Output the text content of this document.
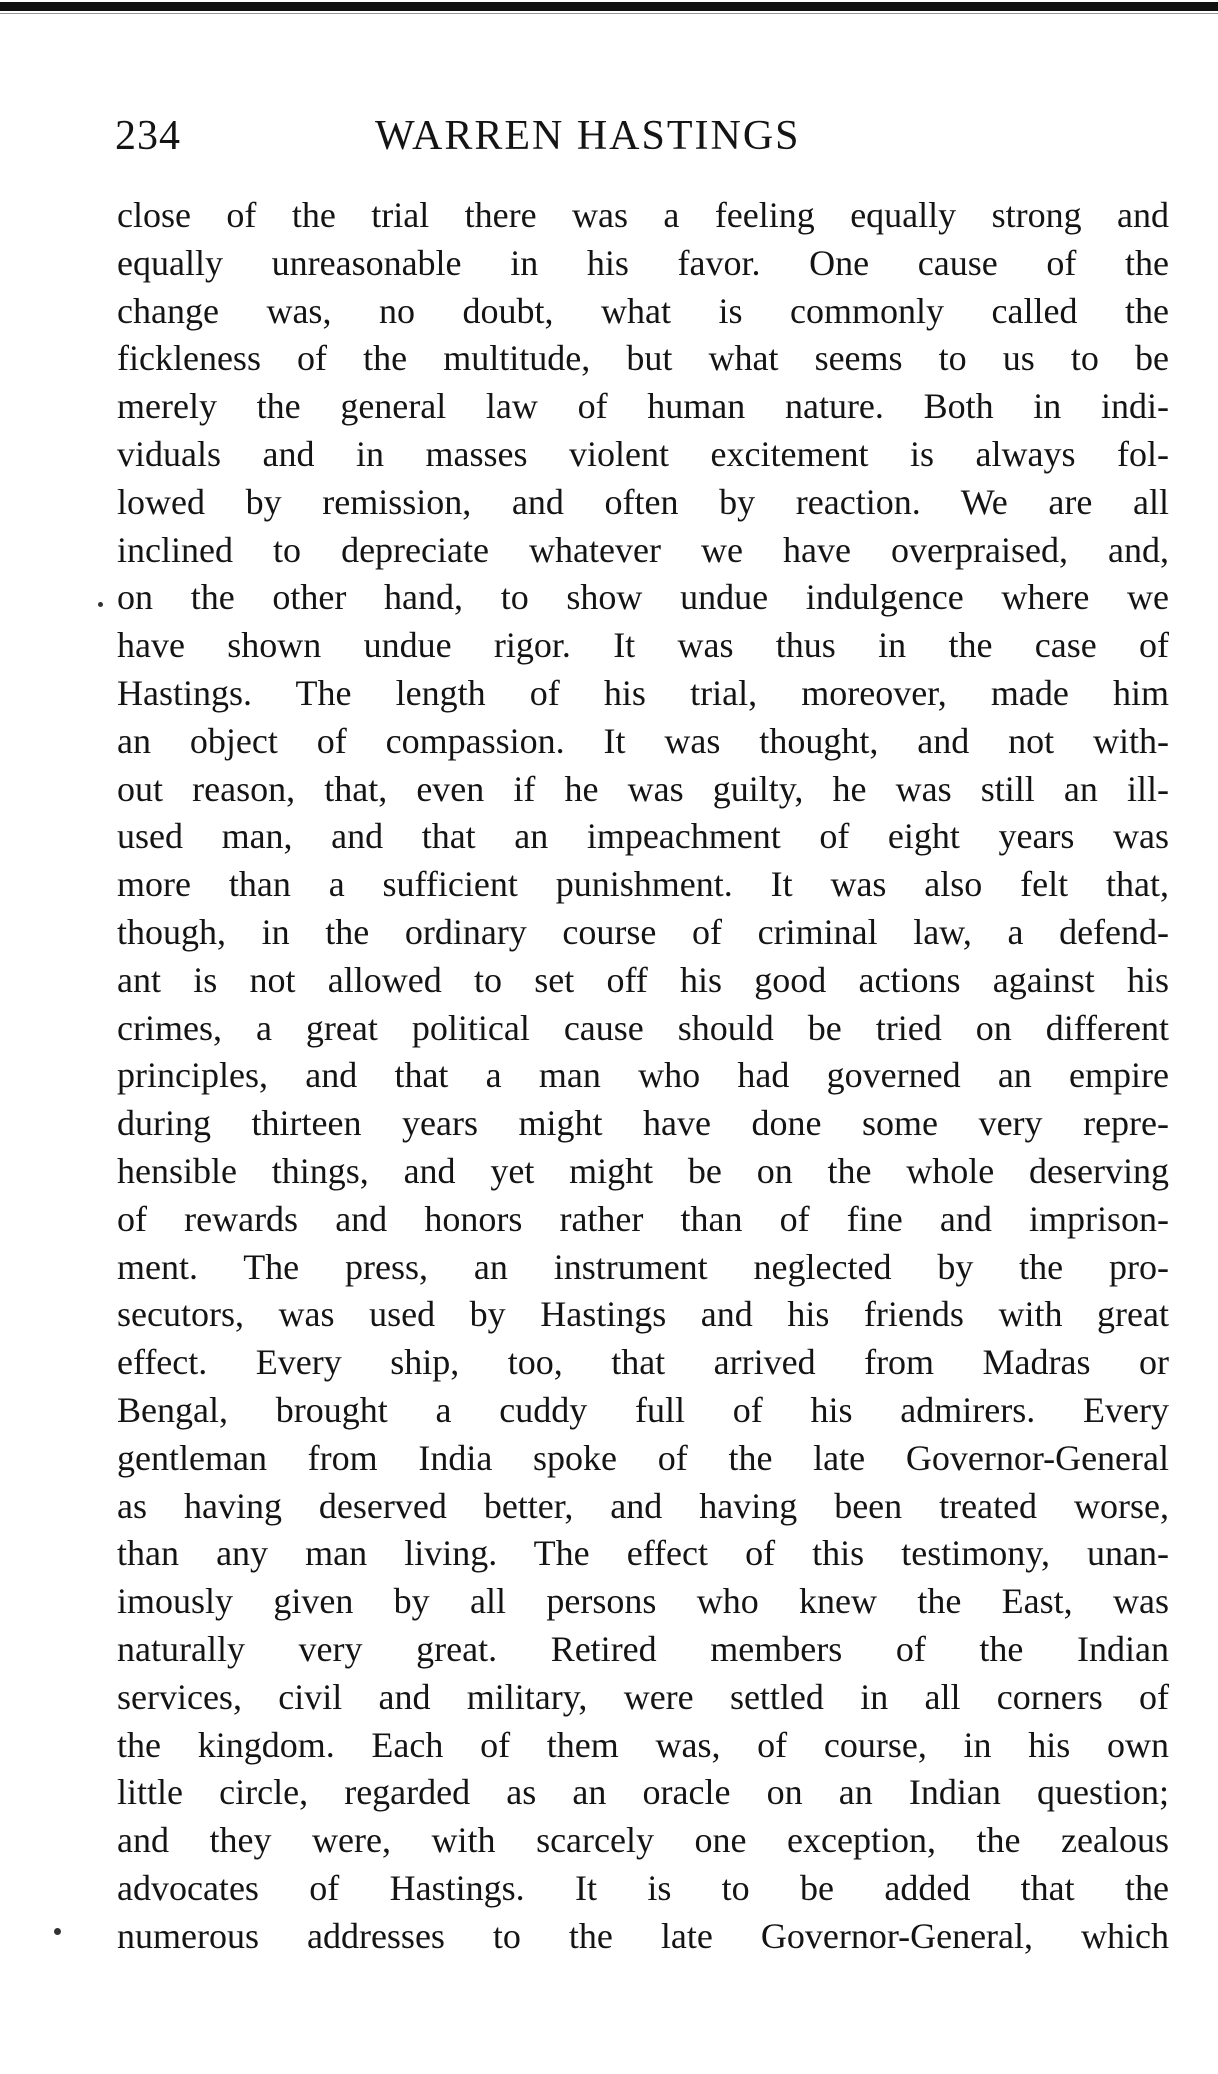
234	WARREN HASTINGS
close of the trial there was a feeling equally strong and
equally unreasonable in his favor. One cause of the
change was, no doubt, what is commonly called the
fickleness of the multitude, but what seems to us to be
merely the general law of human nature. Both in indi-
viduals and in masses violent excitement is always fol-
lowed by remission, and often by reaction. We are all
inclined to depreciate whatever we have overpraised, and,
on the other hand, to show undue indulgence where we
have shown undue rigor. It was thus in the case of
Hastings. The length of his trial, moreover, made him
an object of compassion. It was thought, and not with-
out reason, that, even if he was guilty, he was still an ill-
used man, and that an impeachment of eight years was
more than a sufficient punishment. It was also felt that,
though, in the ordinary course of criminal law, a defend-
ant is not allowed to set off his good actions against his
crimes, a great political cause should be tried on different
principles, and that a man who had governed an empire
during thirteen years might have done some very repre-
hensible things, and yet might be on the whole deserving
of rewards and honors rather than of fine and imprison-
ment. The press, an instrument neglected by the pro-
secutors, was used by Hastings and his friends with great
effect. Every ship, too, that arrived from Madras or
Bengal, brought a cuddy full of his admirers. Every
gentleman from India spoke of the late Governor-General
as having deserved better, and having been treated worse,
than any man living. The effect of this testimony, unan-
imously given by all persons who knew the East, was
naturally very great. Retired members of the Indian
services, civil and military, were settled in all corners of
the kingdom. Each of them was, of course, in his own
little circle, regarded as an oracle on an Indian question;
and they were, with scarcely one exception, the zealous
advocates of Hastings. It is to be added that the
numerous addresses to the late Governor-General, which
